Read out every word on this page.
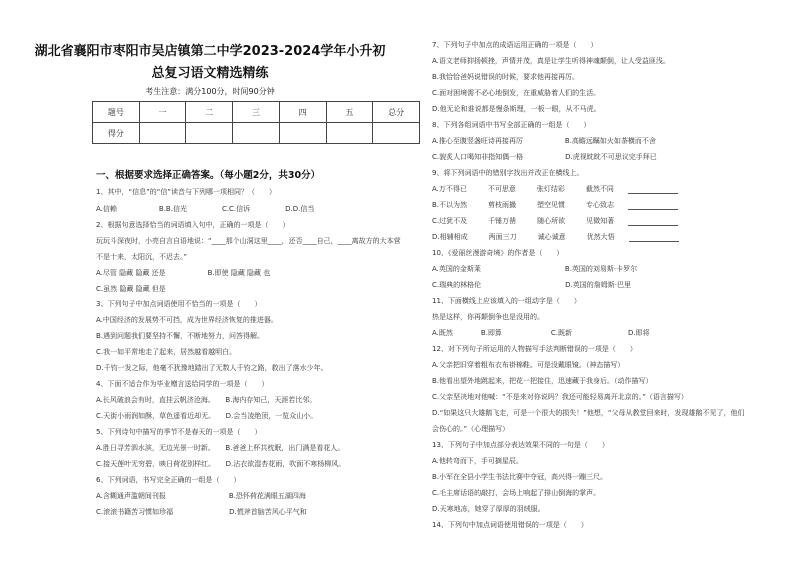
湖北省襄阳市枣阳市吴店镇第二中学2023-2024学年小升初
总复习语文精选精练
考生注意：满分100分，时间90分钟
题号	一	二	三	四	五	总分
得分						
一、根据要求选择正确答案。（每小题2分，共30分）
1、其中，“信息”的“信”读音与下列哪一项相同？（　　）
A.信赖　　　　　　B.B.信光　　　　　C.C.信诉　　　　　D.D.信当
2、根据句意选择恰当的词语填入句中，正确的一项是（　　）
玩玩斗深夜时，小亮自言自语地说：“____那个山洞这里____，还否____自己，____离故方的大本营
不是十来，太阳沉，不迟去。”
A.尽管 隐藏 隐藏 还是　　　　　　B.即使 隐藏 隐藏 也
C.虽然 隐藏 隐藏 但是
3、下列句子中加点词语使用不恰当的一项是（　　）
A.中国经济的发展势不可挡，成为世界经济恢复的推进器。
B.遇到问题我们要坚持不懈，不断地努力，问答得解。
C.我一如平常地走了起来，居然越看越明白。
D.千钧一发之际，他毫不犹豫地踏出了无数人千钧之路，救出了落水少年。
4、下面不适合作为毕业赠言送给同学的一项是（　　）
A.长风破浪会有时，直挂云帆济沧海。　　B.海内存知己，天涯若比邻。
C.天街小雨润如酥，草色遥看近却无。　　D.会当凌绝顶，一览众山小。
5、下列诗句中描写的季节不是春天的一项是（　　）
A.胜日寻芳泗水滨，无边光景一时新。　　B.爸爸上杯共枕眠，出门满是看花人。
C.接天莲叶无穷碧，映日荷花别样红。　　D.沾衣欲湿杏花雨，吹面不寒杨柳风。
6、下列词语，书写完全正确的一组是（　　）
A.含糊通声滥朝间刊报　　　　　　　　　B.恐怀荷花满眼五湖四海
C.滚滚书籍苦习惯如珍福　　　　　　　　D.慌斧首脑苦风心平气和
7、下列句子中加点的成语运用正确的一项是（　　）
A.语文老师抑扬顿挫，声情并茂，真是让学生听得神魂颠倒，让人受益匪浅。
B.我恰恰爸妈说错误的时候，要求他再接再厉。
C.面对困境需不必心地倒发，在重威胁着人们的生活。
D.他无论和谁说都是慢条斯理，一板一眼，从不马虎。
8、下列各组词语中书写全部正确的一组是（　　）
A.推心至腹竖盏旺诗再接再厉　　　　　　B.高瞻远瞩如火如荼横而不舍
C.貌炙人口喝知非指知偶一格　　　　　　D.虎视眈眈不可思议完手拜已
9、将下列词语中的错别字找出并改正在横线上。
A.万不得已　　　不可思意　　　张灯结彩　　　截然不同　　
B.不以为然　　　剪枝雨撮　　　塑空见惯　　　专心致志　　
C.过犹不及　　　千锤万凿　　　随心所欲　　　见微知著　　
D.相辅相成　　　两面三刀　　　诚心诚意　　　优然大悟　　
10、《爱丽丝漫游奇境》的作者是（　　）
A.英国的金斯莱　　　　　　　　　　　　B.英国的刘易斯·卡罗尔
C.瑞典的林格伦　　　　　　　　　　　　D.英国的詹姆斯·巴里
11、下面横线上应该填入的一组动字是（　　）
热是这样，你再颠倒争也是没用的。
A.既然　　　　B.即算　　　　　　　C.既新　　　　　　　　D.即将
12、对下列句子所运用的人物描写手法判断错误的一项是（　　）
A.父亲把旧穿着粗布衣布褂棉鞋。可是没戴眼镜。（神态描写）
B.他看出望外地跳起来，把花一把接住，迅速藏于我身后。（动作描写）
C.父亲坚决地对他喊：“不是来对你说吗？我还可能轻易离开北京的。”（语言描写）
D.“如果这只大雄鹅飞走，可是一个很大的损失！”他想，“父母从教堂回来时，发现雄鹅不见了，他们
会伤心的。”（心理描写）
13、下列句子中加点部分表达效果不同的一句是（　　）
A.他转弯而下，手可摘星辰。
B.小军在全县小学生书法比赛中夺冠，高兴得一蹦三尺。
C.毛主席话语的敲打，会场上响起了排山倒海的掌声。
D.天寒地冻，她穿了厚厚的羽绒服。
14、下列句中加点词语使用错误的一项是（　　）
